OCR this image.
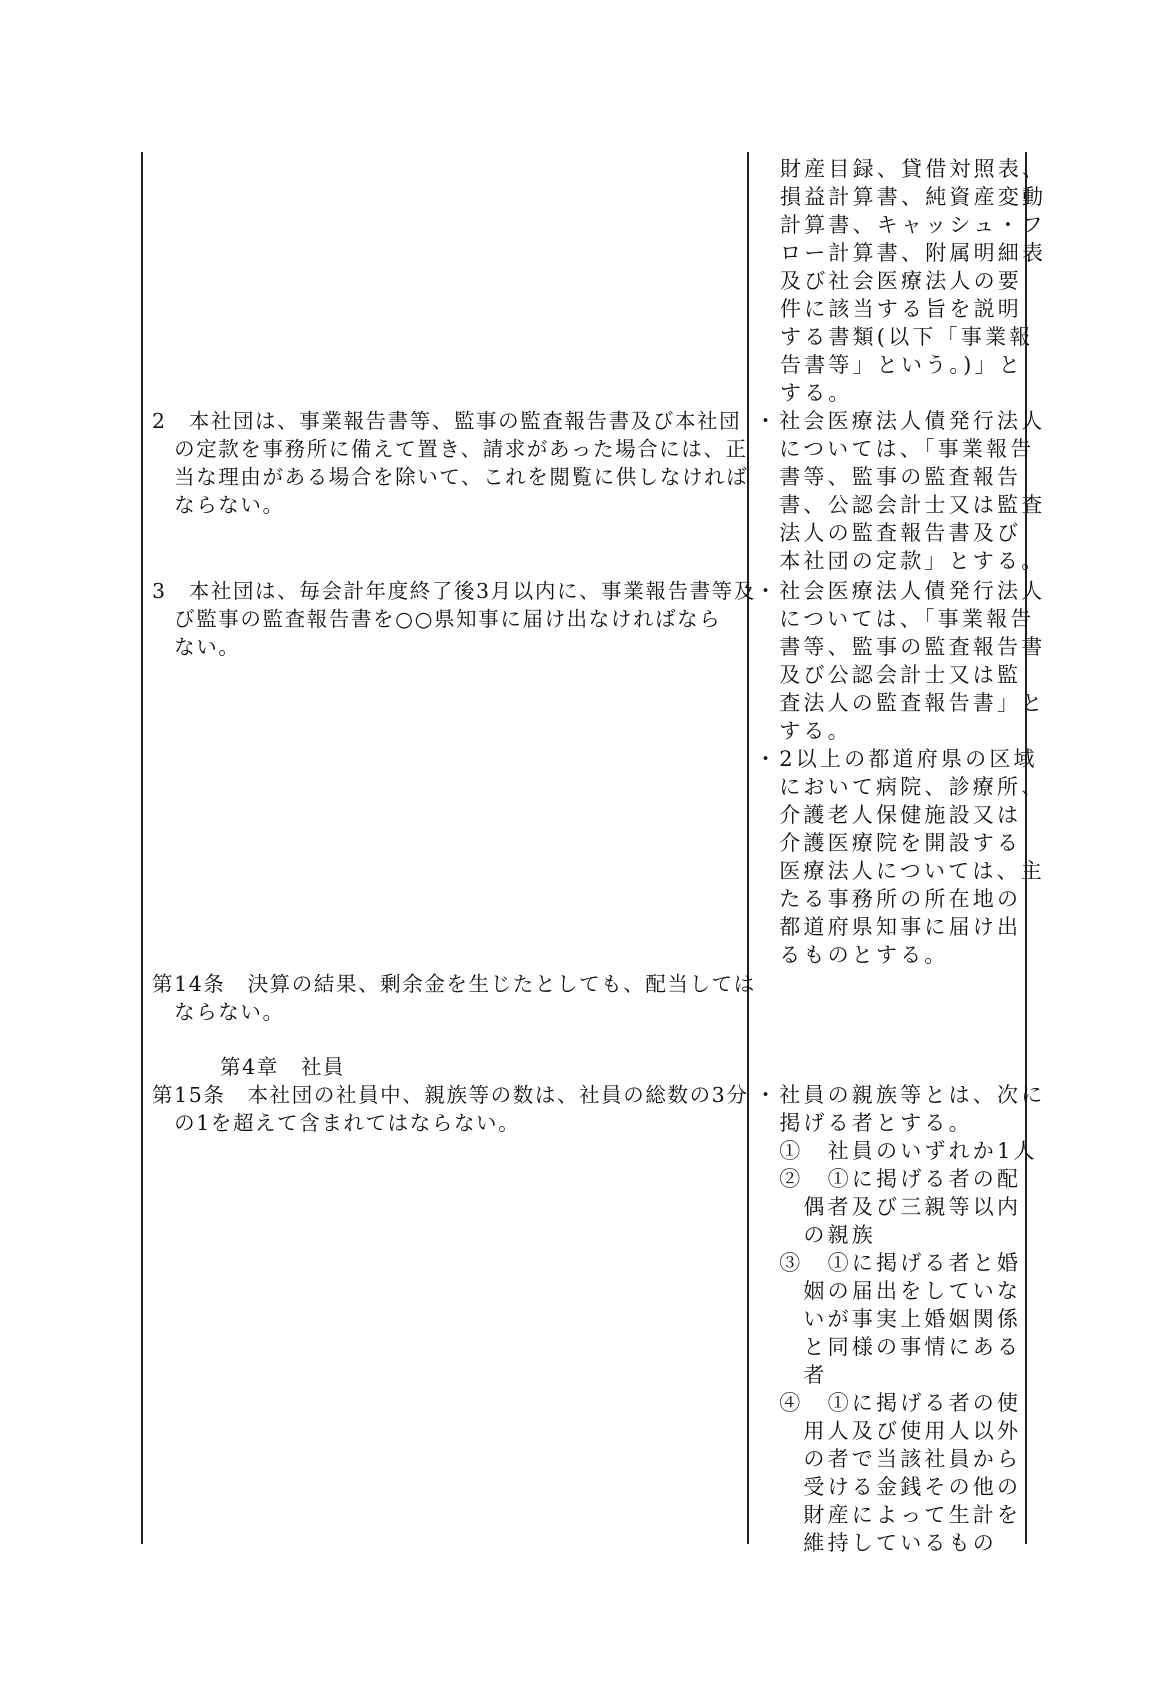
2　本社団は、事業報告書等、監事の監査報告書及び本社団
　の定款を事務所に備えて置き、請求があった場合には、正
　当な理由がある場合を除いて、これを閲覧に供しなければ
　ならない。
3　本社団は、毎会計年度終了後3月以内に、事業報告書等及
　び監事の監査報告書を○○県知事に届け出なければなら
　ない。
第14条　決算の結果、剰余金を生じたとしても、配当しては
　ならない。
第4章　社員
第15条　本社団の社員中、親族等の数は、社員の総数の3分
　の1を超えて含まれてはならない。
財産目録、貸借対照表、
損益計算書、純資産変動
計算書、キャッシュ・フ
ロー計算書、附属明細表
及び社会医療法人の要
件に該当する旨を説明
する書類(以下「事業報
告書等」という。)」と
する。
・社会医療法人債発行法人
　については、「事業報告
　書等、監事の監査報告
　書、公認会計士又は監査
　法人の監査報告書及び
　本社団の定款」とする。
・社会医療法人債発行法人
　については、「事業報告
　書等、監事の監査報告書
　及び公認会計士又は監
　査法人の監査報告書」と
　する。
・2以上の都道府県の区域
　において病院、診療所、
　介護老人保健施設又は
　介護医療院を開設する
　医療法人については、主
　たる事務所の所在地の
　都道府県知事に届け出
　るものとする。
・社員の親族等とは、次に
　掲げる者とする。
　①　社員のいずれか1人
　②　①に掲げる者の配
　　偶者及び三親等以内
　　の親族
　③　①に掲げる者と婚
　　姻の届出をしていな
　　いが事実上婚姻関係
　　と同様の事情にある
　　者
　④　①に掲げる者の使
　　用人及び使用人以外
　　の者で当該社員から
　　受ける金銭その他の
　　財産によって生計を
　　維持しているもの
